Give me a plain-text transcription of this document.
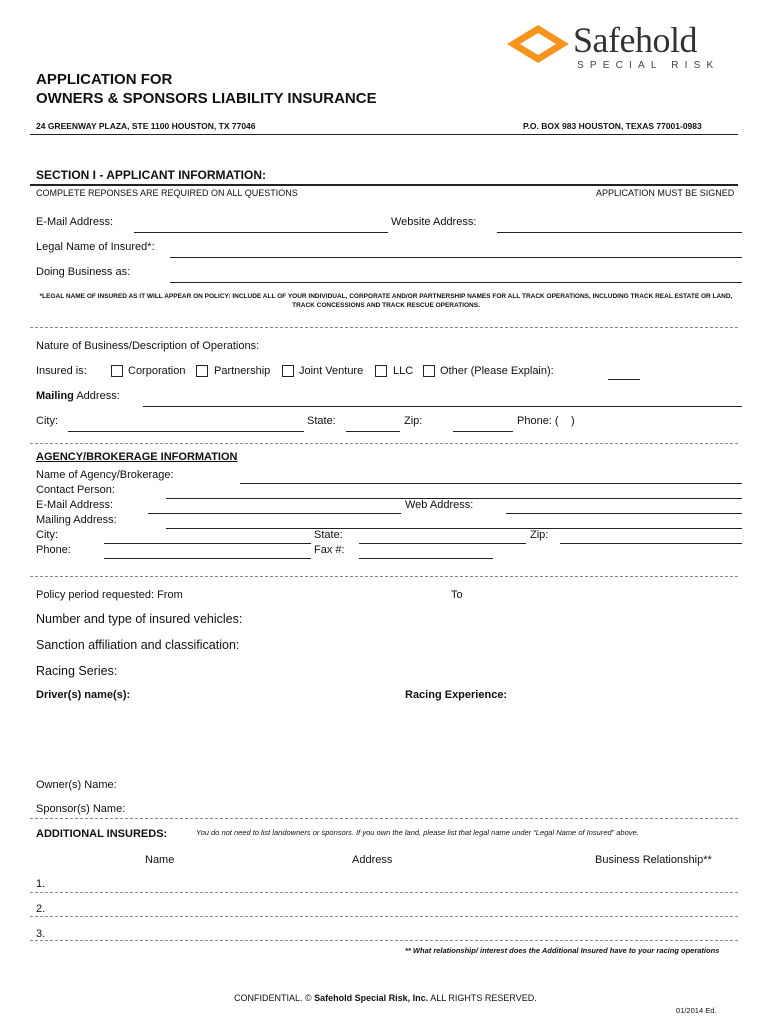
Safehold
SPECIAL RISK
APPLICATION FOR
OWNERS & SPONSORS LIABILITY INSURANCE
24 GREENWAY PLAZA, STE 1100 HOUSTON, TX 77046	P.O. BOX 983 HOUSTON, TEXAS 77001-0983
SECTION I - APPLICANT INFORMATION:
COMPLETE REPONSES ARE REQUIRED ON ALL QUESTIONS	APPLICATION MUST BE SIGNED
E-Mail Address:	Website Address:
Legal Name of Insured*:
Doing Business as:
*LEGAL NAME OF INSURED AS IT WILL APPEAR ON POLICY: INCLUDE ALL OF YOUR INDIVIDUAL, CORPORATE AND/OR PARTNERSHIP NAMES FOR ALL TRACK OPERATIONS, INCLUDING TRACK REAL ESTATE OR LAND, TRACK CONCESSIONS AND TRACK RESCUE OPERATIONS.
Nature of Business/Description of Operations:
Insured is:	Corporation	Partnership	Joint Venture	LLC Other (Please Explain):
Mailing Address:
City:	State:	Zip:	Phone: ( )
AGENCY/BROKERAGE INFORMATION
Name of Agency/Brokerage:
Contact Person:
E-Mail Address:	Web Address:
Mailing Address:
City:	State:	Zip:
Phone:	Fax #:
Policy period requested: From	To
Number and type of insured vehicles:
Sanction affiliation and classification:
Racing Series:
Driver(s) name(s):	Racing Experience:
Owner(s) Name:
Sponsor(s) Name:
ADDITIONAL INSUREDS:	You do not need to list landowners or sponsors. If you own the land, please list that legal name under “Legal Name of Insured” above.
Name	Address	Business Relationship**
1.
2.
3.
** What relationship/ interest does the Additional Insured have to your racing operations
CONFIDENTIAL. © Safehold Special Risk, Inc. ALL RIGHTS RESERVED.
01/2014 Ed.
